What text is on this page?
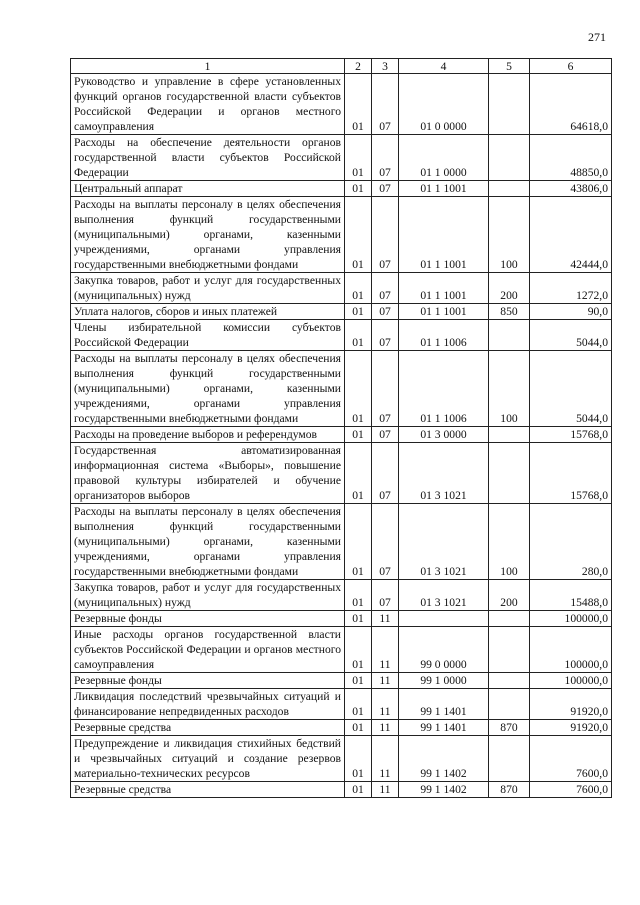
271
1	2	3	4	5	6
Руководство и управление в сфере установленных функций органов государственной власти субъектов Российской Федерации и органов местного самоуправления	01	07	01 0 0000		64618,0
Расходы на обеспечение деятельности органов государственной власти субъектов Российской Федерации	01	07	01 1 0000		48850,0
Центральный аппарат	01	07	01 1 1001		43806,0
Расходы на выплаты персоналу в целях обеспечения выполнения функций государственными (муниципальными) органами, казенными учреждениями, органами управления государственными внебюджетными фондами	01	07	01 1 1001	100	42444,0
Закупка товаров, работ и услуг для государственных (муниципальных) нужд	01	07	01 1 1001	200	1272,0
Уплата налогов, сборов и иных платежей	01	07	01 1 1001	850	90,0
Члены избирательной комиссии субъектов Российской Федерации	01	07	01 1 1006		5044,0
Расходы на выплаты персоналу в целях обеспечения выполнения функций государственными (муниципальными) органами, казенными учреждениями, органами управления государственными внебюджетными фондами	01	07	01 1 1006	100	5044,0
Расходы на проведение выборов и референдумов	01	07	01 3 0000		15768,0
Государственная автоматизированная информационная система «Выборы», повышение правовой культуры избирателей и обучение организаторов выборов	01	07	01 3 1021		15768,0
Расходы на выплаты персоналу в целях обеспечения выполнения функций государственными (муниципальными) органами, казенными учреждениями, органами управления государственными внебюджетными фондами	01	07	01 3 1021	100	280,0
Закупка товаров, работ и услуг для государственных (муниципальных) нужд	01	07	01 3 1021	200	15488,0
Резервные фонды	01	11			100000,0
Иные расходы органов государственной власти субъектов Российской Федерации и органов местного самоуправления	01	11	99 0 0000		100000,0
Резервные фонды	01	11	99 1 0000		100000,0
Ликвидация последствий чрезвычайных ситуаций и финансирование непредвиденных расходов	01	11	99 1 1401		91920,0
Резервные средства	01	11	99 1 1401	870	91920,0
Предупреждение и ликвидация стихийных бедствий и чрезвычайных ситуаций и создание резервов материально-технических ресурсов	01	11	99 1 1402		7600,0
Резервные средства	01	11	99 1 1402	870	7600,0
